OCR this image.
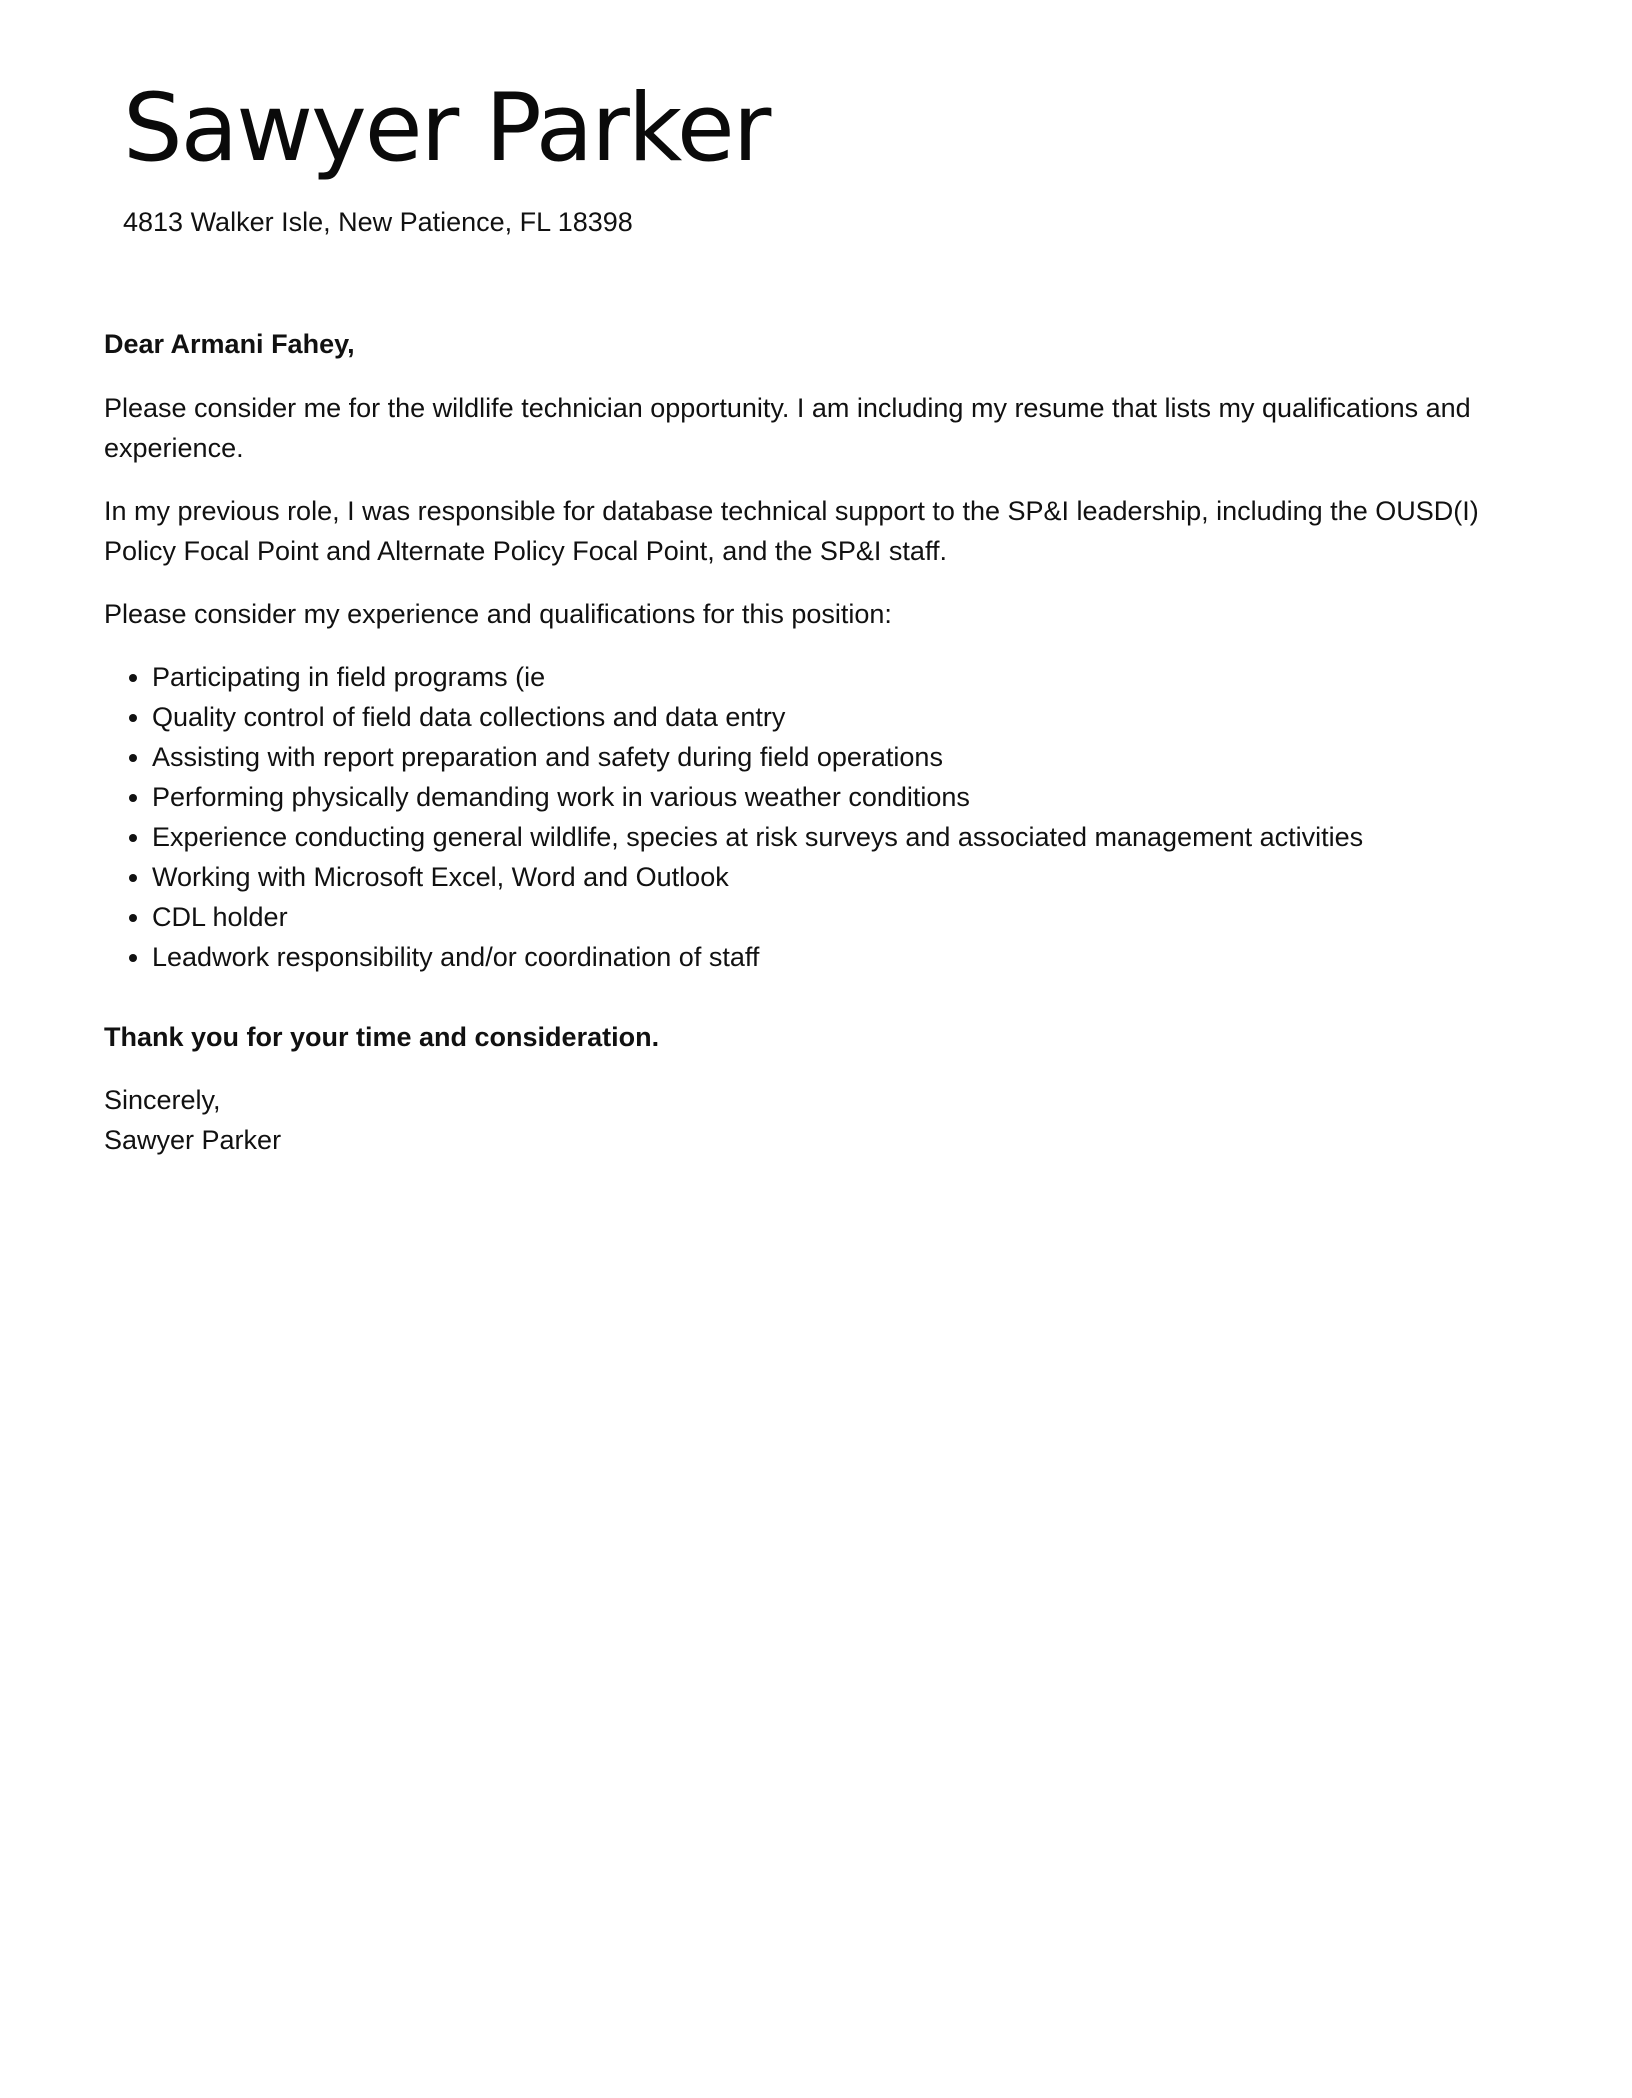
Sawyer Parker
4813 Walker Isle, New Patience, FL 18398

Dear Armani Fahey,

Please consider me for the wildlife technician opportunity. I am including my resume that lists my qualifications and experience.

In my previous role, I was responsible for database technical support to the SP&I leadership, including the OUSD(I) Policy Focal Point and Alternate Policy Focal Point, and the SP&I staff.

Please consider my experience and qualifications for this position:

• Participating in field programs (ie
• Quality control of field data collections and data entry
• Assisting with report preparation and safety during field operations
• Performing physically demanding work in various weather conditions
• Experience conducting general wildlife, species at risk surveys and associated management activities
• Working with Microsoft Excel, Word and Outlook
• CDL holder
• Leadwork responsibility and/or coordination of staff

Thank you for your time and consideration.

Sincerely,
Sawyer Parker
